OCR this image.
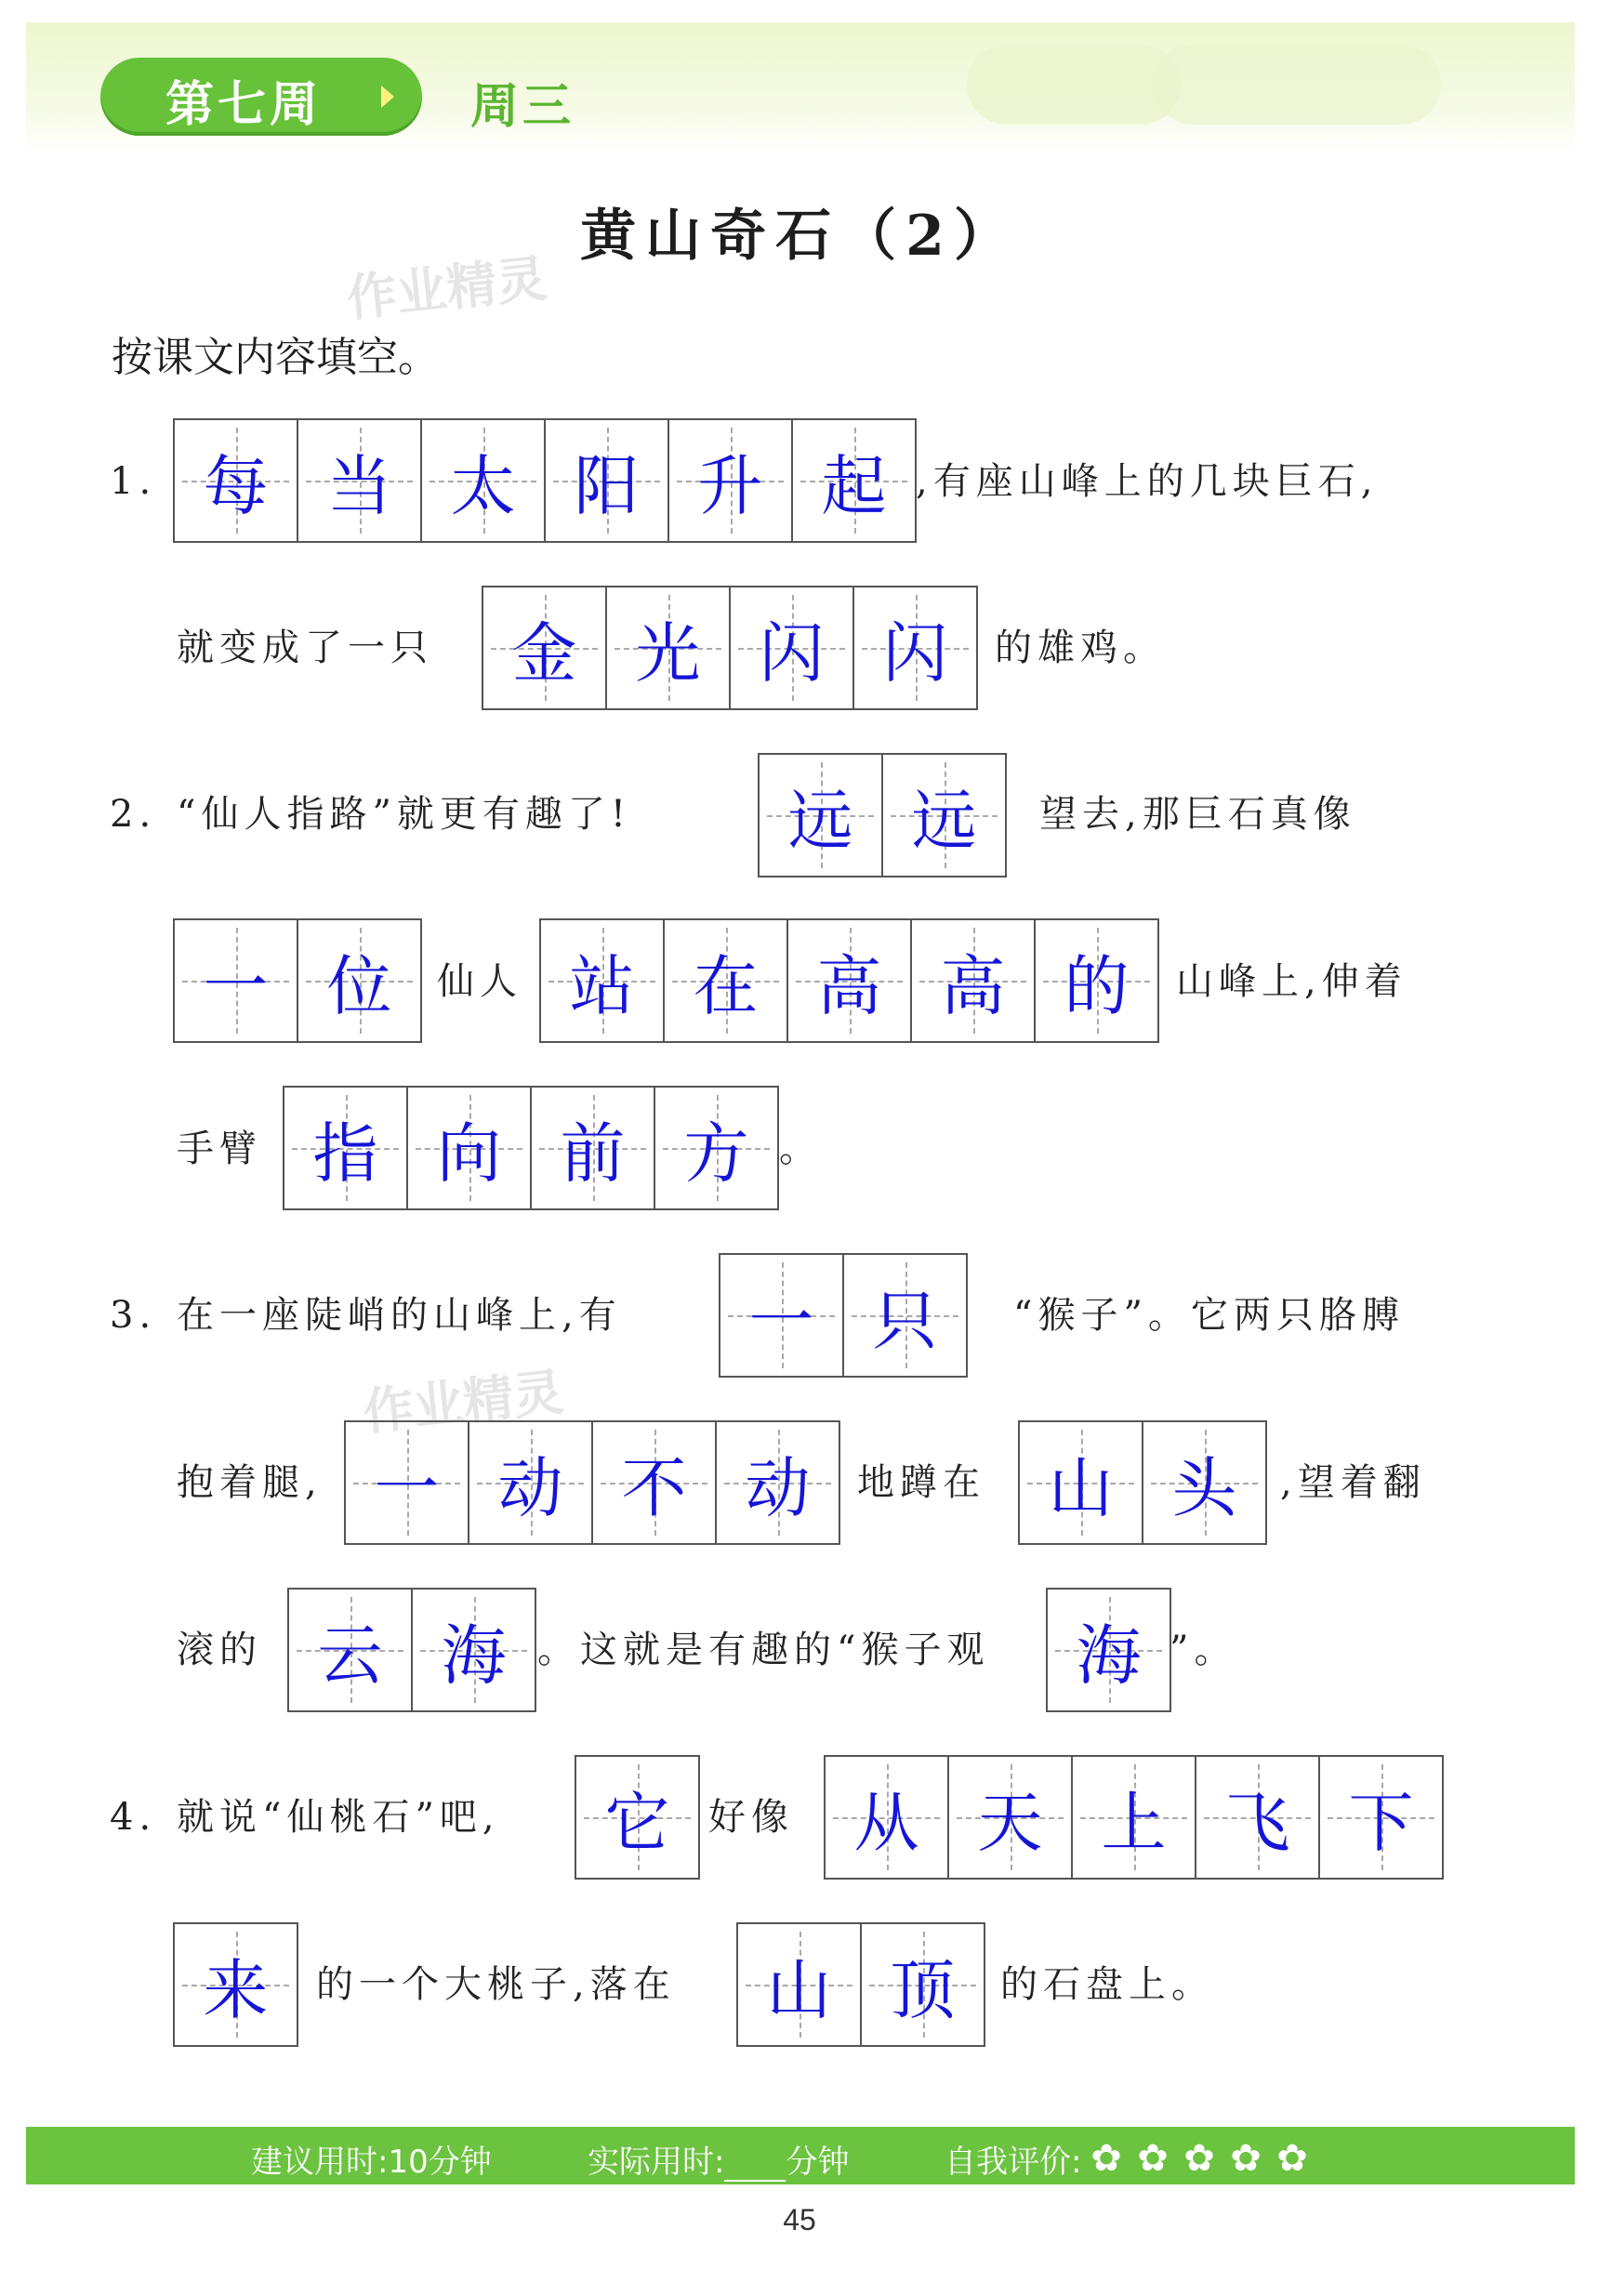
第七周	周三
黄山奇石（2）
作业精灵
作业精灵
按课文内容填空。
1. 每 当 太 阳 升 起 ,有座山峰上的几块巨石,
就变成了一只 金 光 闪 闪 的雄鸡。
2. “仙人指路”就更有趣了! 远 远 望去,那巨石真像
一 位 仙人 站 在 高 高 的 山峰上,伸着
手臂 指 向 前 方 。
3. 在一座陡峭的山峰上,有 一 只 “猴子”。它两只胳膊
抱着腿, 一 动 不 动 地蹲在 山 头 ,望着翻
滚的 云 海 。这就是有趣的“猴子观 海 ”。
4. 就说“仙桃石”吧, 它 好像 从 天 上 飞 下
来 的一个大桃子,落在 山 顶 的石盘上。
建议用时:10分钟	实际用时: 分钟	自我评价: ✿ ✿ ✿ ✿ ✿
45
